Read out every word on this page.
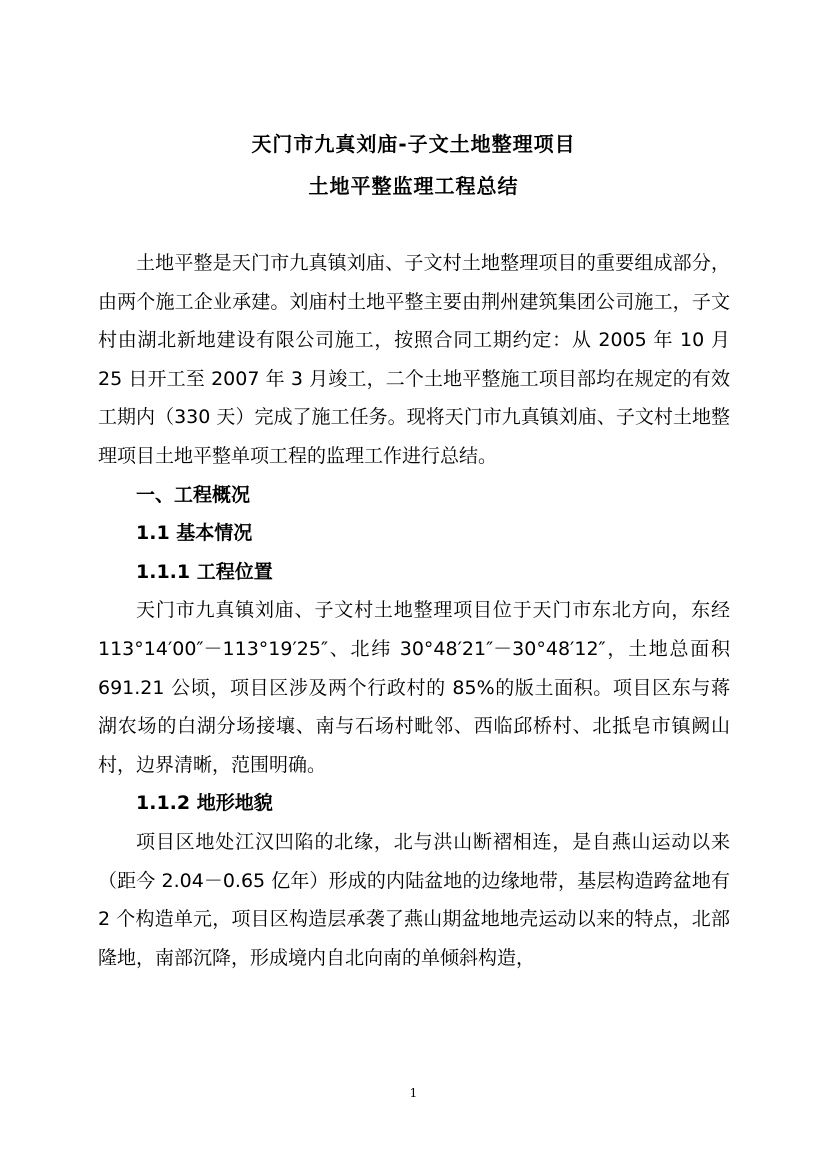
天门市九真刘庙-子文土地整理项目
土地平整监理工程总结

土地平整是天门市九真镇刘庙、子文村土地整理项目的重要组成部分，由两个施工企业承建。刘庙村土地平整主要由荆州建筑集团公司施工，子文村由湖北新地建设有限公司施工，按照合同工期约定：从 2005 年 10 月 25 日开工至 2007 年 3 月竣工，二个土地平整施工项目部均在规定的有效工期内（330 天）完成了施工任务。现将天门市九真镇刘庙、子文村土地整理项目土地平整单项工程的监理工作进行总结。

一、工程概况
1.1 基本情况
1.1.1 工程位置

天门市九真镇刘庙、子文村土地整理项目位于天门市东北方向，东经 113°14′00″－113°19′25″、北纬 30°48′21″－30°48′12″，土地总面积 691.21 公顷，项目区涉及两个行政村的 85%的版土面积。项目区东与蒋湖农场的白湖分场接壤、南与石场村毗邻、西临邱桥村、北抵皂市镇阙山村，边界清晰，范围明确。

1.1.2 地形地貌

项目区地处江汉凹陷的北缘，北与洪山断褶相连，是自燕山运动以来（距今 2.04－0.65 亿年）形成的内陆盆地的边缘地带，基层构造跨盆地有 2 个构造单元，项目区构造层承袭了燕山期盆地地壳运动以来的特点，北部隆地，南部沉降，形成境内自北向南的单倾斜构造，

1
